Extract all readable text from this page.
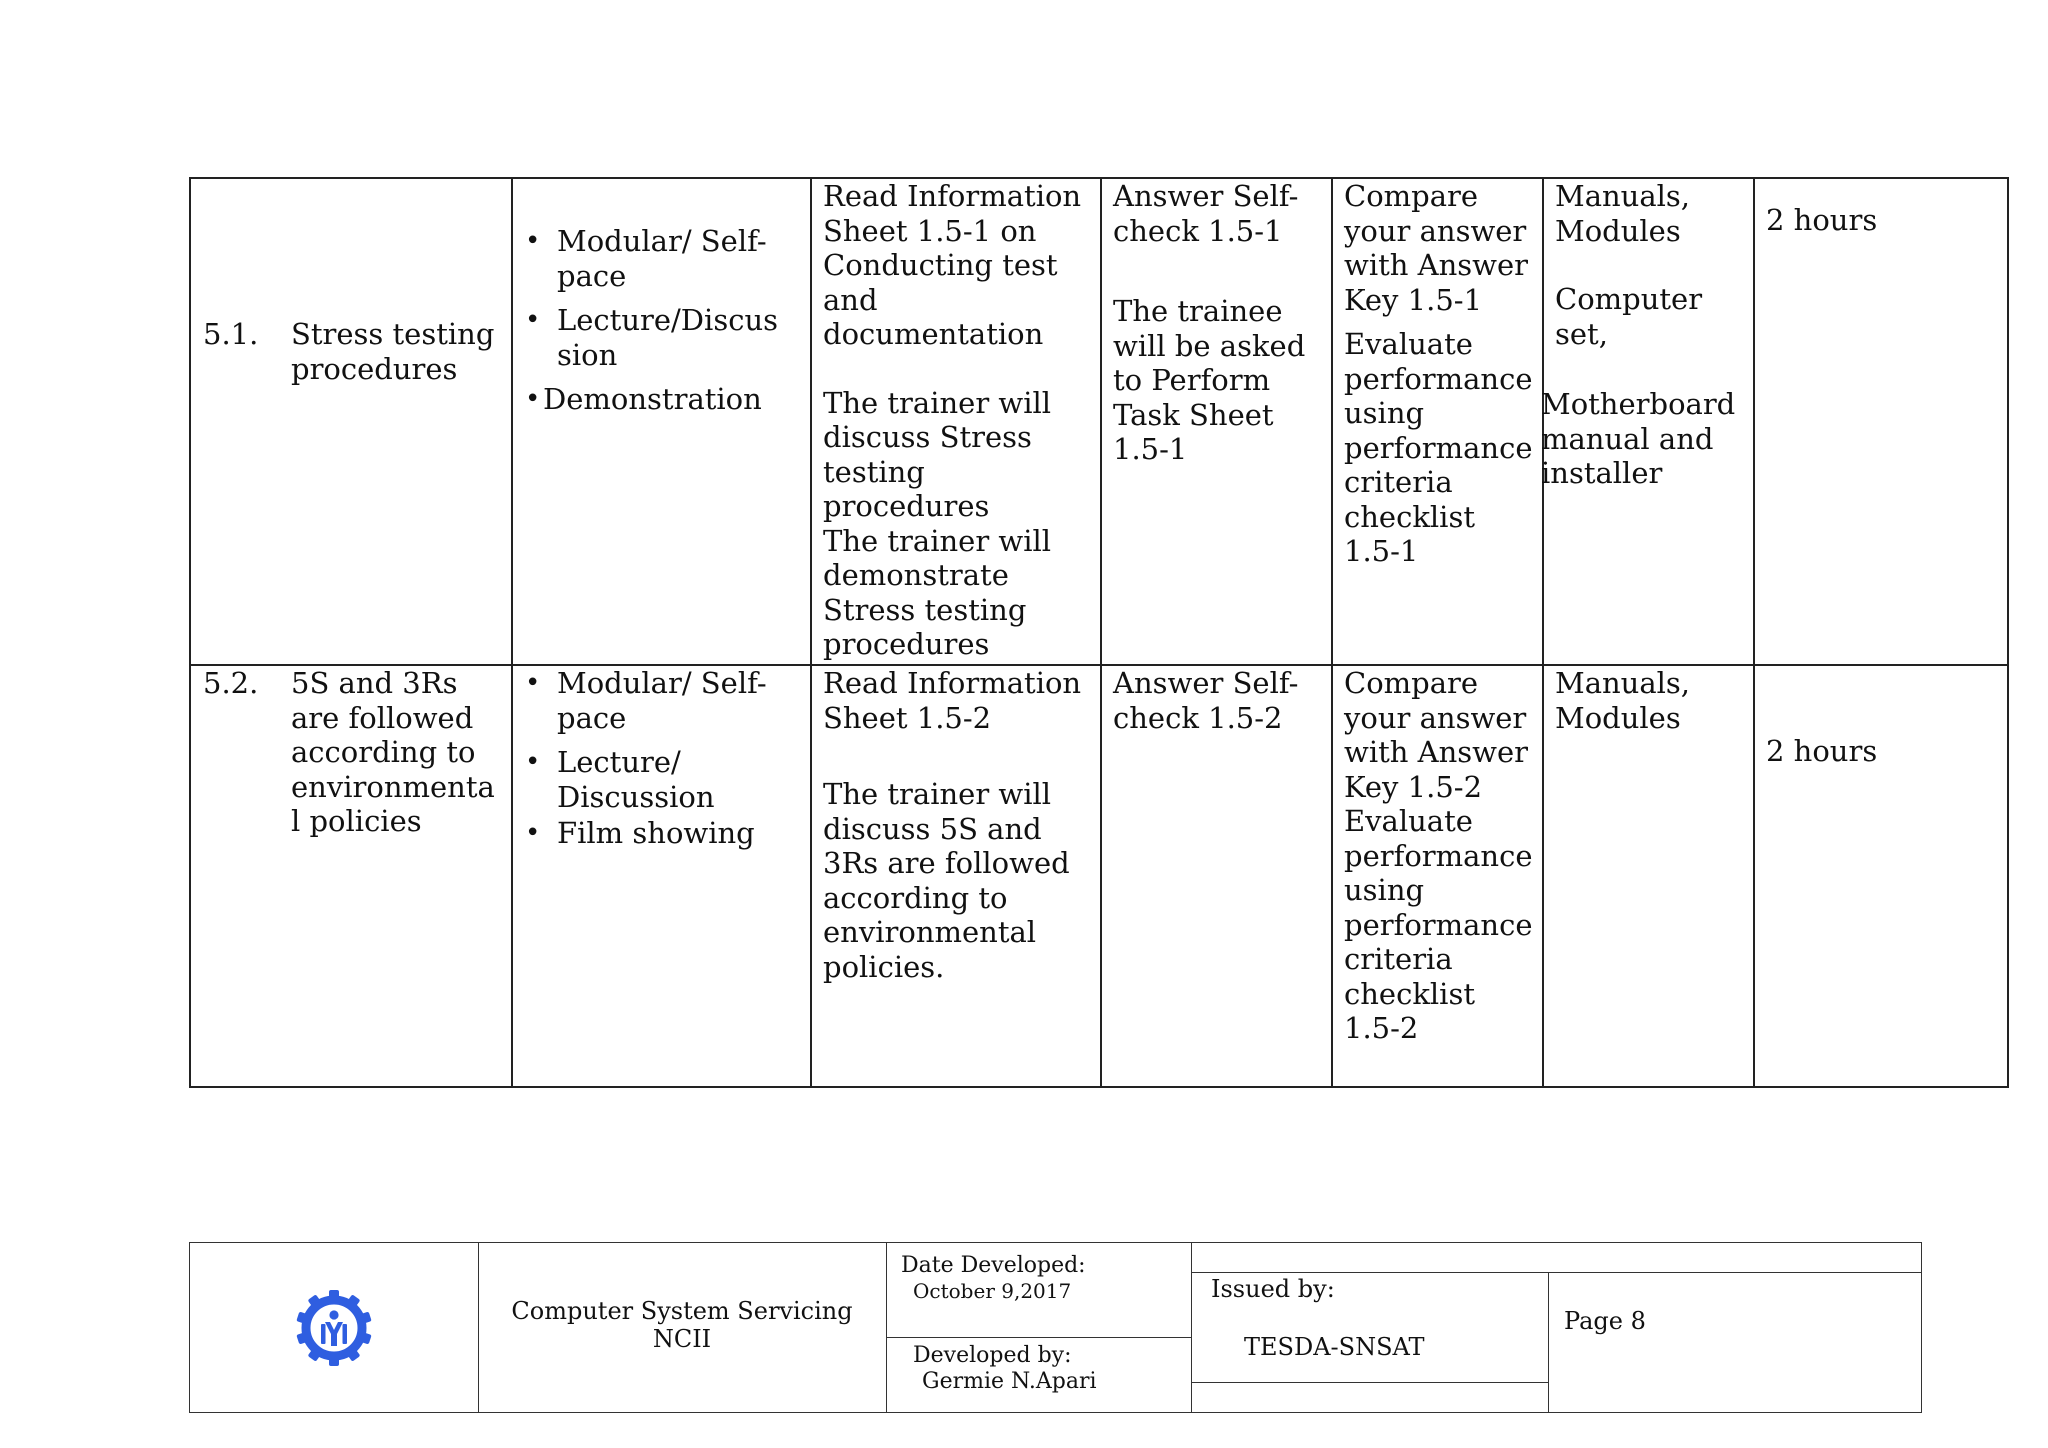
5.1. Stress testing

procedures

• Modular/ Self-

pace

• Lecture/Discus

sion

• Demonstration

Read Information

Sheet 1.5-1 on

Conducting test

and

documentation

The trainer will

discuss Stress

testing

procedures

The trainer will

demonstrate

Stress testing

procedures

Answer Self-

check 1.5-1

The trainee

will be asked

to Perform

Task Sheet

1.5-1

Compare

your answer

with Answer

Key 1.5-1

Evaluate

performance

using

performance

criteria

checklist

1.5-1

Manuals,

Modules

Computer

set,

Motherboard

manual and

installer

2 hours

5.2. 5S and 3Rs

are followed

according to

environmenta

l policies

• Modular/ Self-

pace

• Lecture/

Discussion

• Film showing

Read Information

Sheet 1.5-2

The trainer will

discuss 5S and

3Rs are followed

according to

environmental

policies.

Answer Self-

check 1.5-2

Compare

your answer

with Answer

Key 1.5-2

Evaluate

performance

using

performance

criteria

checklist

1.5-2

Manuals,

Modules

2 hours

Computer System Servicing
NCII
Date Developed:
October 9,2017
Developed by:
Germie N.Apari
Issued by:
TESDA-SNSAT
Page 8
